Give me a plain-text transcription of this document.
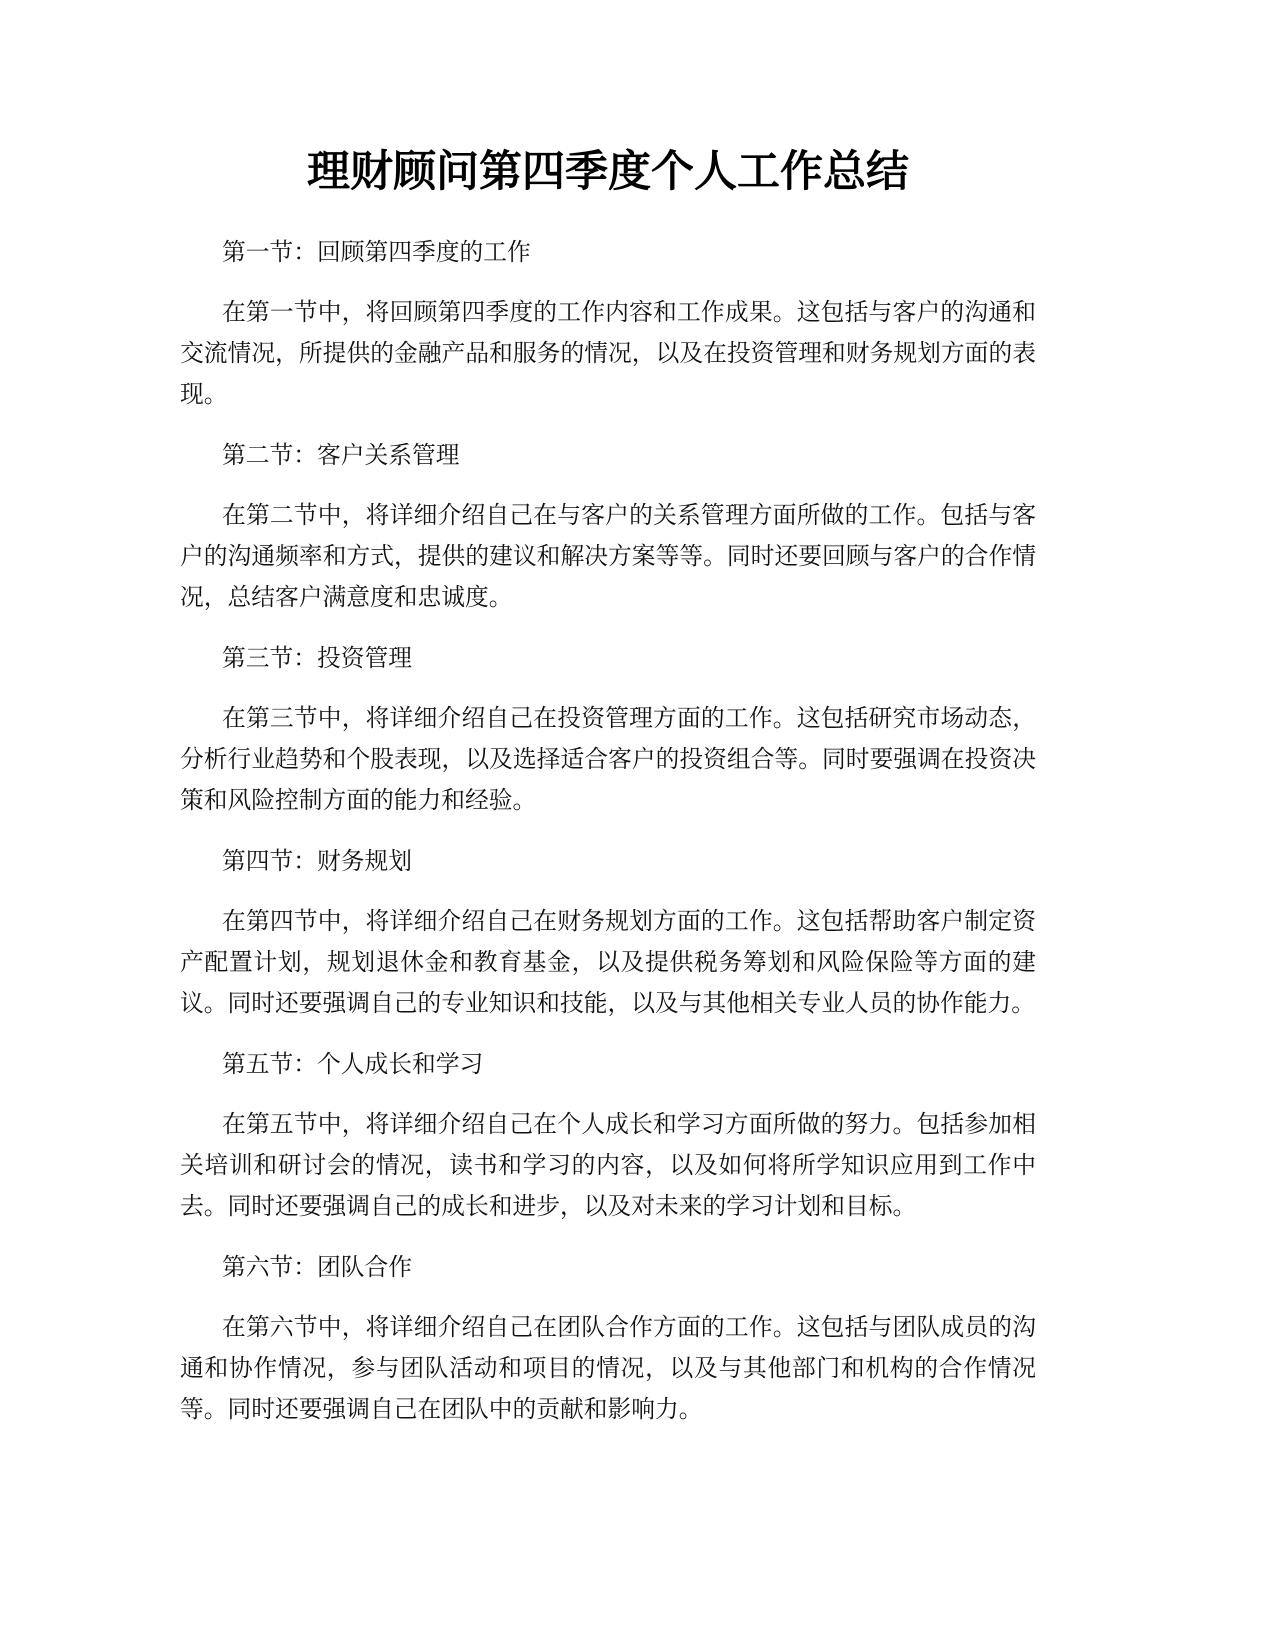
理财顾问第四季度个人工作总结
第一节：回顾第四季度的工作
在第一节中，将回顾第四季度的工作内容和工作成果。这包括与客户的沟通和
交流情况，所提供的金融产品和服务的情况，以及在投资管理和财务规划方面的表
现。
第二节：客户关系管理
在第二节中，将详细介绍自己在与客户的关系管理方面所做的工作。包括与客
户的沟通频率和方式，提供的建议和解决方案等等。同时还要回顾与客户的合作情
况，总结客户满意度和忠诚度。
第三节：投资管理
在第三节中，将详细介绍自己在投资管理方面的工作。这包括研究市场动态，
分析行业趋势和个股表现，以及选择适合客户的投资组合等。同时要强调在投资决
策和风险控制方面的能力和经验。
第四节：财务规划
在第四节中，将详细介绍自己在财务规划方面的工作。这包括帮助客户制定资
产配置计划，规划退休金和教育基金，以及提供税务筹划和风险保险等方面的建
议。同时还要强调自己的专业知识和技能，以及与其他相关专业人员的协作能力。
第五节：个人成长和学习
在第五节中，将详细介绍自己在个人成长和学习方面所做的努力。包括参加相
关培训和研讨会的情况，读书和学习的内容，以及如何将所学知识应用到工作中
去。同时还要强调自己的成长和进步，以及对未来的学习计划和目标。
第六节：团队合作
在第六节中，将详细介绍自己在团队合作方面的工作。这包括与团队成员的沟
通和协作情况，参与团队活动和项目的情况，以及与其他部门和机构的合作情况
等。同时还要强调自己在团队中的贡献和影响力。
